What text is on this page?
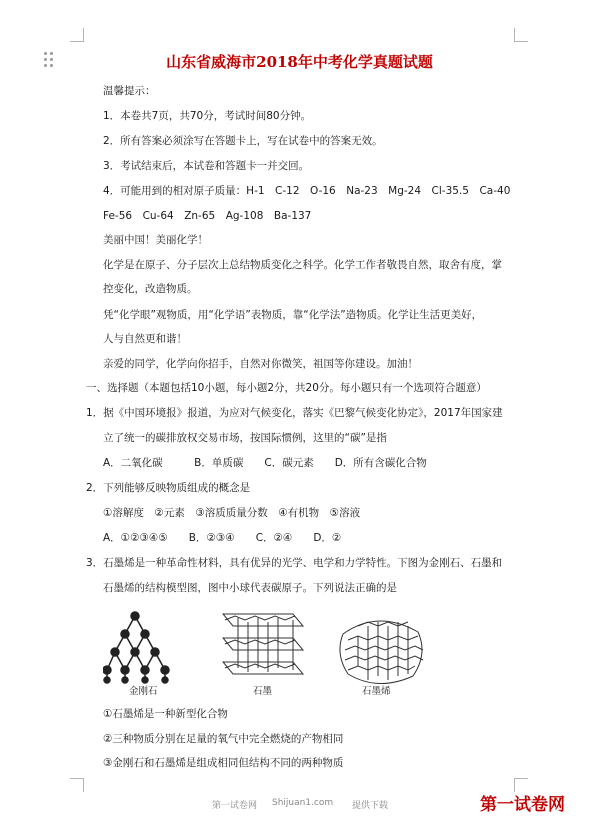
山东省威海市2018年中考化学真题试题
温馨提示：
1．本卷共7页，共70分，考试时间80分钟。
2．所有答案必须涂写在答题卡上，写在试卷中的答案无效。
3．考试结束后，本试卷和答题卡一并交回。
4．可能用到的相对原子质量：H-1　C-12　O-16　Na-23　Mg-24　Cl-35.5　Ca-40
Fe-56　Cu-64　Zn-65　Ag-108　Ba-137
美丽中国！美丽化学！
化学是在原子、分子层次上总结物质变化之科学。化学工作者敬畏自然，取舍有度，掌
控变化，改造物质。
凭“化学眼”观物质，用“化学语”表物质，靠“化学法”造物质。化学让生活更美好，
人与自然更和谐！
亲爱的同学，化学向你招手，自然对你微笑，祖国等你建设。加油！
一、选择题（本题包括10小题，每小题2分，共20分。每小题只有一个选项符合题意）
1．据《中国环境报》报道，为应对气候变化，落实《巴黎气候变化协定》，2017年国家建
立了统一的碳排放权交易市场，按国际惯例，这里的“碳”是指
A．二氧化碳　　　B．单质碳　　C．碳元素　　D．所有含碳化合物
2．下列能够反映物质组成的概念是
①溶解度　②元素　③溶质质量分数　④有机物　⑤溶液
A．①②③④⑤　　B．②③④　　C．②④　　D．②
3．石墨烯是一种革命性材料，具有优异的光学、电学和力学特性。下图为金刚石、石墨和
石墨烯的结构模型图，图中小球代表碳原子。下列说法正确的是
金刚石	石墨	石墨烯
①石墨烯是一种新型化合物
②三种物质分别在足量的氧气中完全燃烧的产物相同
③金刚石和石墨烯是组成相同但结构不同的两种物质
第一试卷网 Shijuan1.com 提供下载	第一试卷网
